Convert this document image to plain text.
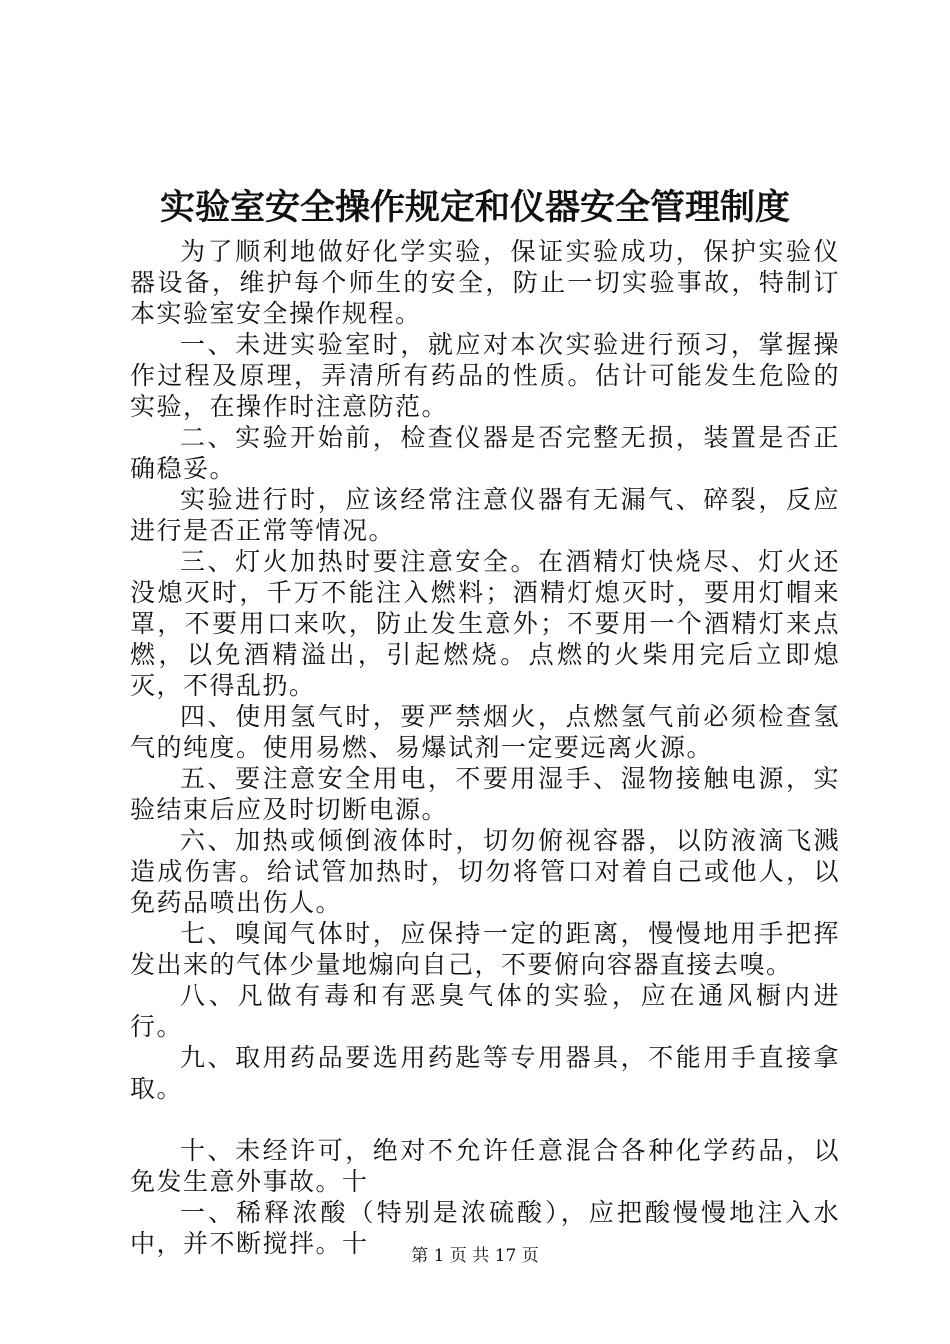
实验室安全操作规定和仪器安全管理制度

为了顺利地做好化学实验，保证实验成功，保护实验仪器设备，维护每个师生的安全，防止一切实验事故，特制订本实验室安全操作规程。

一、未进实验室时，就应对本次实验进行预习，掌握操作过程及原理，弄清所有药品的性质。估计可能发生危险的实验，在操作时注意防范。

二、实验开始前，检查仪器是否完整无损，装置是否正确稳妥。

实验进行时，应该经常注意仪器有无漏气、碎裂，反应进行是否正常等情况。

三、灯火加热时要注意安全。在酒精灯快烧尽、灯火还没熄灭时，千万不能注入燃料；酒精灯熄灭时，要用灯帽来罩，不要用口来吹，防止发生意外；不要用一个酒精灯来点燃，以免酒精溢出，引起燃烧。点燃的火柴用完后立即熄灭，不得乱扔。

四、使用氢气时，要严禁烟火，点燃氢气前必须检查氢气的纯度。使用易燃、易爆试剂一定要远离火源。

五、要注意安全用电，不要用湿手、湿物接触电源，实验结束后应及时切断电源。

六、加热或倾倒液体时，切勿俯视容器，以防液滴飞溅造成伤害。给试管加热时，切勿将管口对着自己或他人，以免药品喷出伤人。

七、嗅闻气体时，应保持一定的距离，慢慢地用手把挥发出来的气体少量地煽向自己，不要俯向容器直接去嗅。

八、凡做有毒和有恶臭气体的实验，应在通风橱内进行。

九、取用药品要选用药匙等专用器具，不能用手直接拿取。

十、未经许可，绝对不允许任意混合各种化学药品，以免发生意外事故。十

一、稀释浓酸（特别是浓硫酸），应把酸慢慢地注入水中，并不断搅拌。十	第 1 页 共 17 页
